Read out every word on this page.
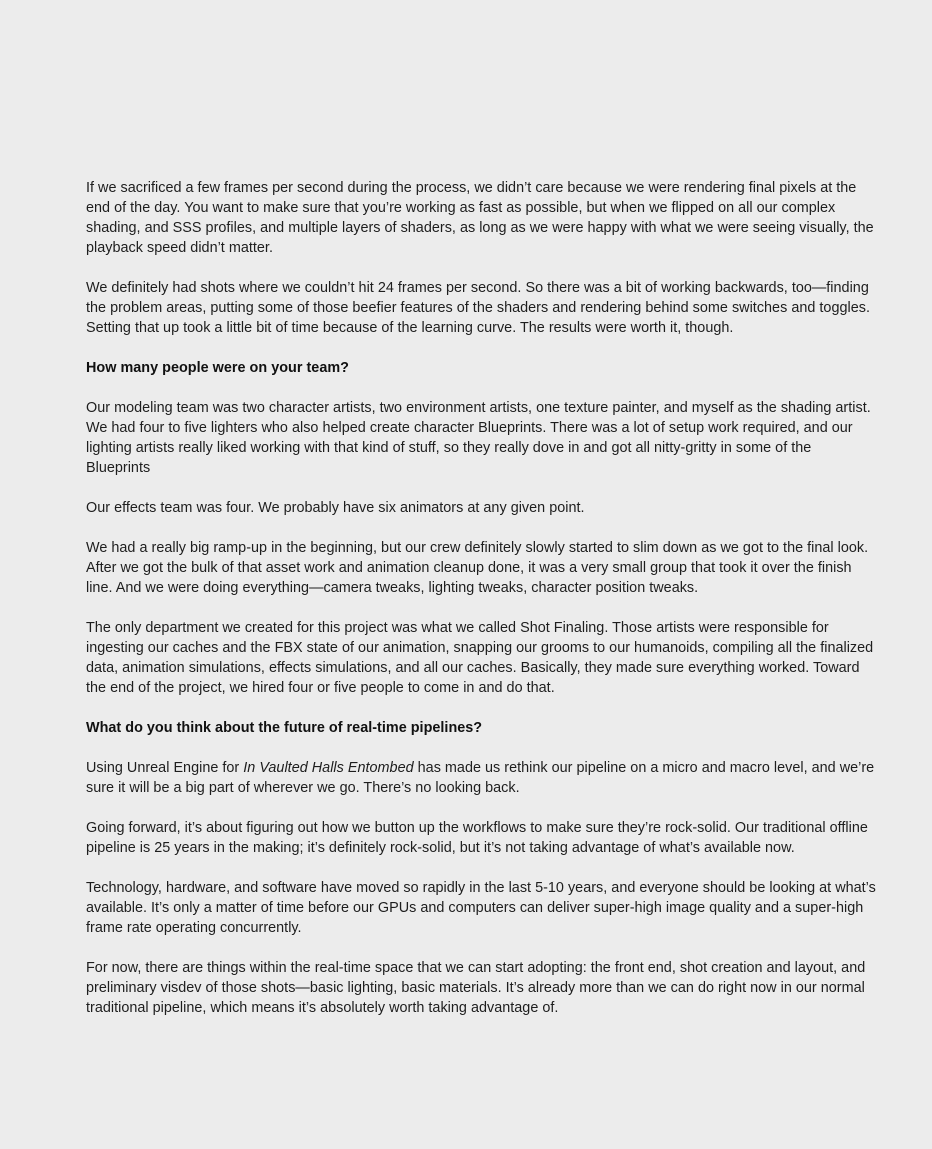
If we sacrificed a few frames per second during the process, we didn’t care because we were rendering final pixels at the end of the day. You want to make sure that you’re working as fast as possible, but when we flipped on all our complex shading, and SSS profiles, and multiple layers of shaders, as long as we were happy with what we were seeing visually, the playback speed didn’t matter.

We definitely had shots where we couldn’t hit 24 frames per second. So there was a bit of working backwards, too—finding the problem areas, putting some of those beefier features of the shaders and rendering behind some switches and toggles. Setting that up took a little bit of time because of the learning curve. The results were worth it, though.

How many people were on your team?

Our modeling team was two character artists, two environment artists, one texture painter, and myself as the shading artist. We had four to five lighters who also helped create character Blueprints. There was a lot of setup work required, and our lighting artists really liked working with that kind of stuff, so they really dove in and got all nitty-gritty in some of the Blueprints

Our effects team was four. We probably have six animators at any given point.

We had a really big ramp-up in the beginning, but our crew definitely slowly started to slim down as we got to the final look. After we got the bulk of that asset work and animation cleanup done, it was a very small group that took it over the finish line. And we were doing everything—camera tweaks, lighting tweaks, character position tweaks.

The only department we created for this project was what we called Shot Finaling. Those artists were responsible for ingesting our caches and the FBX state of our animation, snapping our grooms to our humanoids, compiling all the finalized data, animation simulations, effects simulations, and all our caches. Basically, they made sure everything worked. Toward the end of the project, we hired four or five people to come in and do that.

What do you think about the future of real-time pipelines?

Using Unreal Engine for In Vaulted Halls Entombed has made us rethink our pipeline on a micro and macro level, and we’re sure it will be a big part of wherever we go. There’s no looking back.

Going forward, it’s about figuring out how we button up the workflows to make sure they’re rock-solid. Our traditional offline pipeline is 25 years in the making; it’s definitely rock-solid, but it’s not taking advantage of what’s available now.

Technology, hardware, and software have moved so rapidly in the last 5-10 years, and everyone should be looking at what’s available. It’s only a matter of time before our GPUs and computers can deliver super-high image quality and a super-high frame rate operating concurrently.

For now, there are things within the real-time space that we can start adopting: the front end, shot creation and layout, and preliminary visdev of those shots—basic lighting, basic materials. It’s already more than we can do right now in our normal traditional pipeline, which means it’s absolutely worth taking advantage of.
